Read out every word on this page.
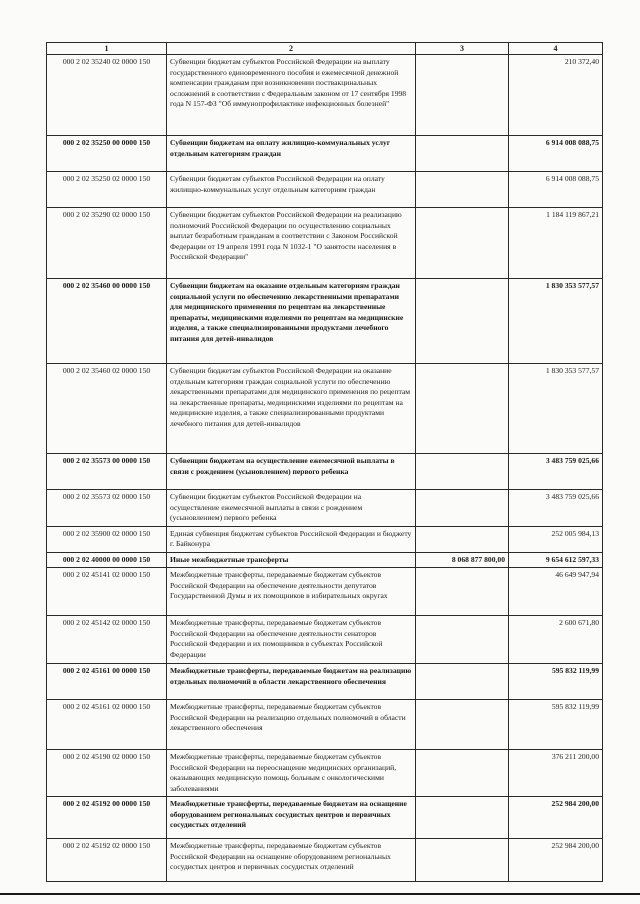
1	2	3	4
000 2 02 35240 02 0000 150	Субвенции бюджетам субъектов Российской Федерации на выплату государственного единовременного пособия и ежемесячной денежной компенсации гражданам при возникновении поствакцинальных осложнений в соответствии с Федеральным законом от 17 сентября 1998 года N 157-ФЗ "Об иммунопрофилактике инфекционных болезней"		210 372,40
000 2 02 35250 00 0000 150	Субвенции бюджетам на оплату жилищно-коммунальных услуг отдельным категориям граждан		6 914 008 088,75
000 2 02 35250 02 0000 150	Субвенции бюджетам субъектов Российской Федерации на оплату жилищно-коммунальных услуг отдельным категориям граждан		6 914 008 088,75
000 2 02 35290 02 0000 150	Субвенции бюджетам субъектов Российской Федерации на реализацию полномочий Российской Федерации по осуществлению социальных выплат безработным гражданам в соответствии с Законом Российской Федерации от 19 апреля 1991 года N 1032-1 "О занятости населения в Российской Федерации"		1 184 119 867,21
000 2 02 35460 00 0000 150	Субвенции бюджетам на оказание отдельным категориям граждан социальной услуги по обеспечению лекарственными препаратами для медицинского применения по рецептам на лекарственные препараты, медицинскими изделиями по рецептам на медицинские изделия, а также специализированными продуктами лечебного питания для детей-инвалидов		1 830 353 577,57
000 2 02 35460 02 0000 150	Субвенции бюджетам субъектов Российской Федерации на оказание отдельным категориям граждан социальной услуги по обеспечению лекарственными препаратами для медицинского применения по рецептам на лекарственные препараты, медицинскими изделиями по рецептам на медицинские изделия, а также специализированными продуктами лечебного питания для детей-инвалидов		1 830 353 577,57
000 2 02 35573 00 0000 150	Субвенции бюджетам на осуществление ежемесячной выплаты в связи с рождением (усыновлением) первого ребенка		3 483 759 025,66
000 2 02 35573 02 0000 150	Субвенции бюджетам субъектов Российской Федерации на осуществление ежемесячной выплаты в связи с рождением (усыновлением) первого ребенка		3 483 759 025,66
000 2 02 35900 02 0000 150	Единая субвенция бюджетам субъектов Российской Федерации и бюджету г. Байконура		252 005 984,13
000 2 02 40000 00 0000 150	Иные межбюджетные трансферты	8 068 877 800,00	9 654 612 597,33
000 2 02 45141 02 0000 150	Межбюджетные трансферты, передаваемые бюджетам субъектов Российской Федерации на обеспечение деятельности депутатов Государственной Думы и их помощников в избирательных округах		46 649 947,94
000 2 02 45142 02 0000 150	Межбюджетные трансферты, передаваемые бюджетам субъектов Российской Федерации на обеспечение деятельности сенаторов Российской Федерации и их помощников в субъектах Российской Федерации		2 600 671,80
000 2 02 45161 00 0000 150	Межбюджетные трансферты, передаваемые бюджетам на реализацию отдельных полномочий в области лекарственного обеспечения		595 832 119,99
000 2 02 45161 02 0000 150	Межбюджетные трансферты, передаваемые бюджетам субъектов Российской Федерации на реализацию отдельных полномочий в области лекарственного обеспечения		595 832 119,99
000 2 02 45190 02 0000 150	Межбюджетные трансферты, передаваемые бюджетам субъектов Российской Федерации на переоснащение медицинских организаций, оказывающих медицинскую помощь больным с онкологическими заболеваниями		376 211 200,00
000 2 02 45192 00 0000 150	Межбюджетные трансферты, передаваемые бюджетам на оснащение оборудованием региональных сосудистых центров и первичных сосудистых отделений		252 984 200,00
000 2 02 45192 02 0000 150	Межбюджетные трансферты, передаваемые бюджетам субъектов Российской Федерации на оснащение оборудованием региональных сосудистых центров и первичных сосудистых отделений		252 984 200,00
